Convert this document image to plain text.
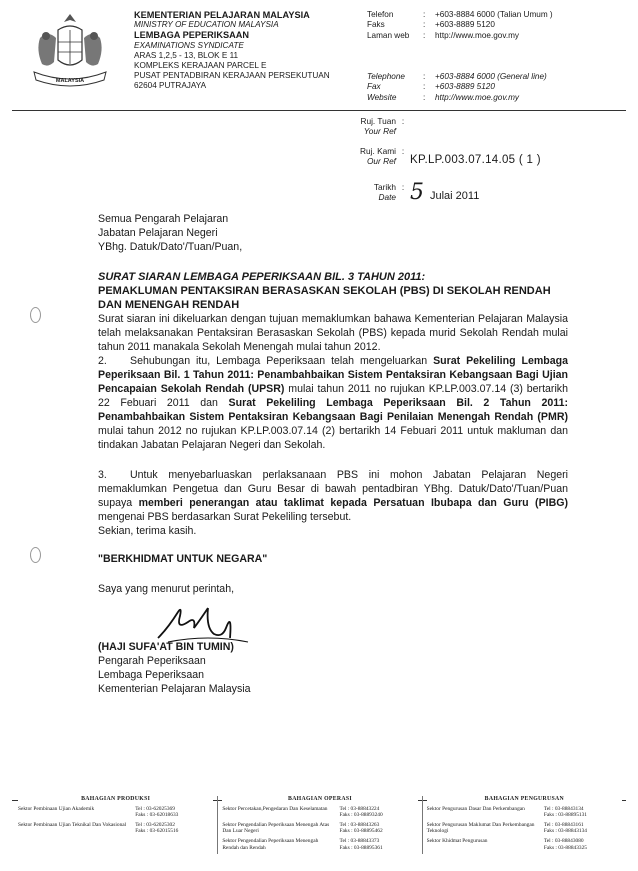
MALAYSIA
KEMENTERIAN PELAJARAN MALAYSIA
MINISTRY OF EDUCATION MALAYSIA
LEMBAGA PEPERIKSAAN
EXAMINATIONS SYNDICATE
ARAS 1,2,5 - 13, BLOK E 11
KOMPLEKS KERAJAAN PARCEL E
PUSAT PENTADBIRAN KERAJAAN PERSEKUTUAN
62604 PUTRAJAYA
Telefon	:	+603-8884 6000 (Talian Umum )
Faks	:	+603-8889 5120
Laman web	:	http://www.moe.gov.my
Telephone	:	+603-8884 6000 (General line)
Fax	:	+603-8889 5120
Website	:	http://www.moe.gov.my
Ruj. Tuan
Your Ref
:
Ruj. Kami
Our Ref
:
KP.LP.003.07.14.05 ( 1 )
Tarikh
Date
: 5 Julai 2011

Semua Pengarah Pelajaran

Jabatan Pelajaran Negeri

YBhg. Datuk/Dato'/Tuan/Puan,

SURAT SIARAN LEMBAGA PEPERIKSAAN BIL. 3 TAHUN 2011:
PEMAKLUMAN PENTAKSIRAN BERASASKAN SEKOLAH (PBS) DI SEKOLAH RENDAH DAN MENENGAH RENDAH

Surat siaran ini dikeluarkan dengan tujuan memaklumkan bahawa Kementerian Pelajaran Malaysia telah melaksanakan Pentaksiran Berasaskan Sekolah (PBS) kepada murid Sekolah Rendah mulai tahun 2011 manakala Sekolah Menengah mulai tahun 2012.

2. Sehubungan itu, Lembaga Peperiksaan telah mengeluarkan Surat Pekeliling Lembaga Peperiksaan Bil. 1 Tahun 2011: Penambahbaikan Sistem Pentaksiran Kebangsaan Bagi Ujian Pencapaian Sekolah Rendah (UPSR) mulai tahun 2011 no rujukan KP.LP.003.07.14 (3) bertarikh 22 Febuari 2011 dan Surat Pekeliling Lembaga Peperiksaan Bil. 2 Tahun 2011: Penambahbaikan Sistem Pentaksiran Kebangsaan Bagi Penilaian Menengah Rendah (PMR) mulai tahun 2012 no rujukan KP.LP.003.07.14 (2) bertarikh 14 Febuari 2011 untuk makluman dan tindakan Jabatan Pelajaran Negeri dan Sekolah.

3. Untuk menyebarluaskan perlaksanaan PBS ini mohon Jabatan Pelajaran Negeri memaklumkan Pengetua dan Guru Besar di bawah pentadbiran YBhg. Datuk/Dato'/Tuan/Puan supaya memberi penerangan atau taklimat kepada Persatuan Ibubapa dan Guru (PIBG) mengenai PBS berdasarkan Surat Pekeliling tersebut.

Sekian, terima kasih.

"BERKHIDMAT UNTUK NEGARA"

Saya yang menurut perintah,

(HAJI SUFA'AT BIN TUMIN)

Pengarah Peperiksaan

Lembaga Peperiksaan

Kementerian Pelajaran Malaysia

BAHAGIAN PRODUKSI
Sektor Pembinaan Ujian Akademik	Tel : 03-62025369
Faks : 03-62018633
Sektor Pembinaan Ujian Teknikal Dan Vokasional	Tel : 03-62025302
Faks : 03-62015516
BAHAGIAN OPERASI
Sektor Percetakan,Pengedaran Dan Keselamatan	Tel : 03-88843224
Faks : 03-88893240
Sektor Pengendalian Peperiksaan Menengah Atas Dan Luar Negeri
Tel : 03-88843263
Faks : 03-88895462
Sektor Pengendalian Peperiksaan Menengah Rendah dan Rendah
Tel : 03-88843373
Faks : 03-88895361
BAHAGIAN PENGURUSAN
Sektor Pengurusan Dasar Dan Perkembangan	Tel : 03-88843134
Faks : 03-88895131
Sektor Pengurusan Maklumat Dan Perkembangan Teknologi
Tel : 03-88843161
Faks : 03-88843134
Sektor Khidmat Pengurusan	Tel : 03-88843080
Faks : 03-88843325
